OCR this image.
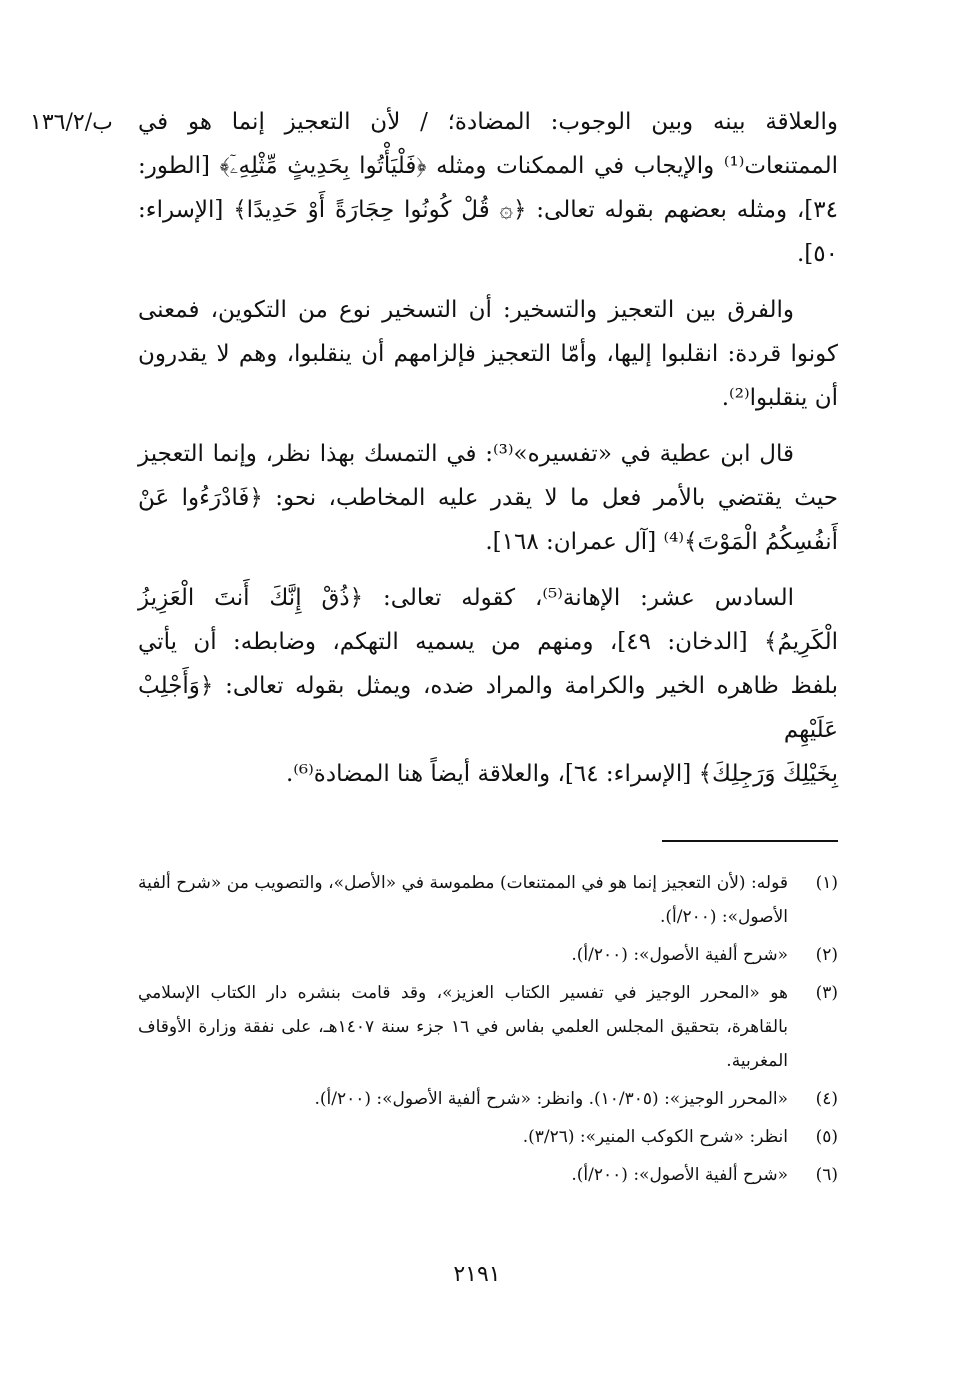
ب/١٣٦/٢ والعلاقة بينه وبين الوجوب: المضادة؛ / لأن التعجيز إنما هو في
الممتنعات⁽¹⁾ والإيجاب في الممكنات ومثله ﴿فَلْيَأْتُوا بِحَدِيثٍ مِّثْلِهِۦٓ﴾ [الطور:
٣٤]، ومثله بعضهم بقوله تعالى: ﴿۞ قُلْ كُونُوا حِجَارَةً أَوْ حَدِيدًا﴾ [الإسراء:
٥٠].

والفرق بين التعجيز والتسخير: أن التسخير نوع من التكوين، فمعنى
كونوا قردة: انقلبوا إليها، وأمّا التعجيز فإلزامهم أن ينقلبوا، وهم لا يقدرون
أن ينقلبوا⁽²⁾.

قال ابن عطية في «تفسيره»⁽³⁾: في التمسك بهذا نظر، وإنما التعجيز
حيث يقتضي بالأمر فعل ما لا يقدر عليه المخاطب، نحو: ﴿فَادْرَءُوا عَنْ
أَنفُسِكُمُ الْمَوْتَ﴾⁽⁴⁾ [آل عمران: ١٦٨].

السادس عشر: الإهانة⁽⁵⁾، كقوله تعالى: ﴿ذُقْ إِنَّكَ أَنتَ الْعَزِيزُ
الْكَرِيمُ﴾ [الدخان: ٤٩]، ومنهم من يسميه التهكم، وضابطه: أن يأتي
بلفظ ظاهره الخير والكرامة والمراد ضده، ويمثل بقوله تعالى: ﴿وَأَجْلِبْ عَلَيْهِم
بِخَيْلِكَ وَرَجِلِكَ﴾ [الإسراء: ٦٤]، والعلاقة أيضاً هنا المضادة⁽⁶⁾.

(١)
قوله: (لأن التعجيز إنما هو في الممتنعات) مطموسة في «الأصل»، والتصويب من «شرح ألفية الأصول»: (٢٠٠/أ).
(٢)
«شرح ألفية الأصول»: (٢٠٠/أ).
(٣)
هو «المحرر الوجيز في تفسير الكتاب العزيز»، وقد قامت بنشره دار الكتاب الإسلامي بالقاهرة، بتحقيق المجلس العلمي بفاس في ١٦ جزء سنة ١٤٠٧هـ، على نفقة وزارة الأوقاف المغربية.
(٤)
«المحرر الوجيز»: (١٠/٣٠٥). وانظر: «شرح ألفية الأصول»: (٢٠٠/أ).
(٥)
انظر: «شرح الكوكب المنير»: (٣/٢٦).
(٦)
«شرح ألفية الأصول»: (٢٠٠/أ).
٢١٩١
